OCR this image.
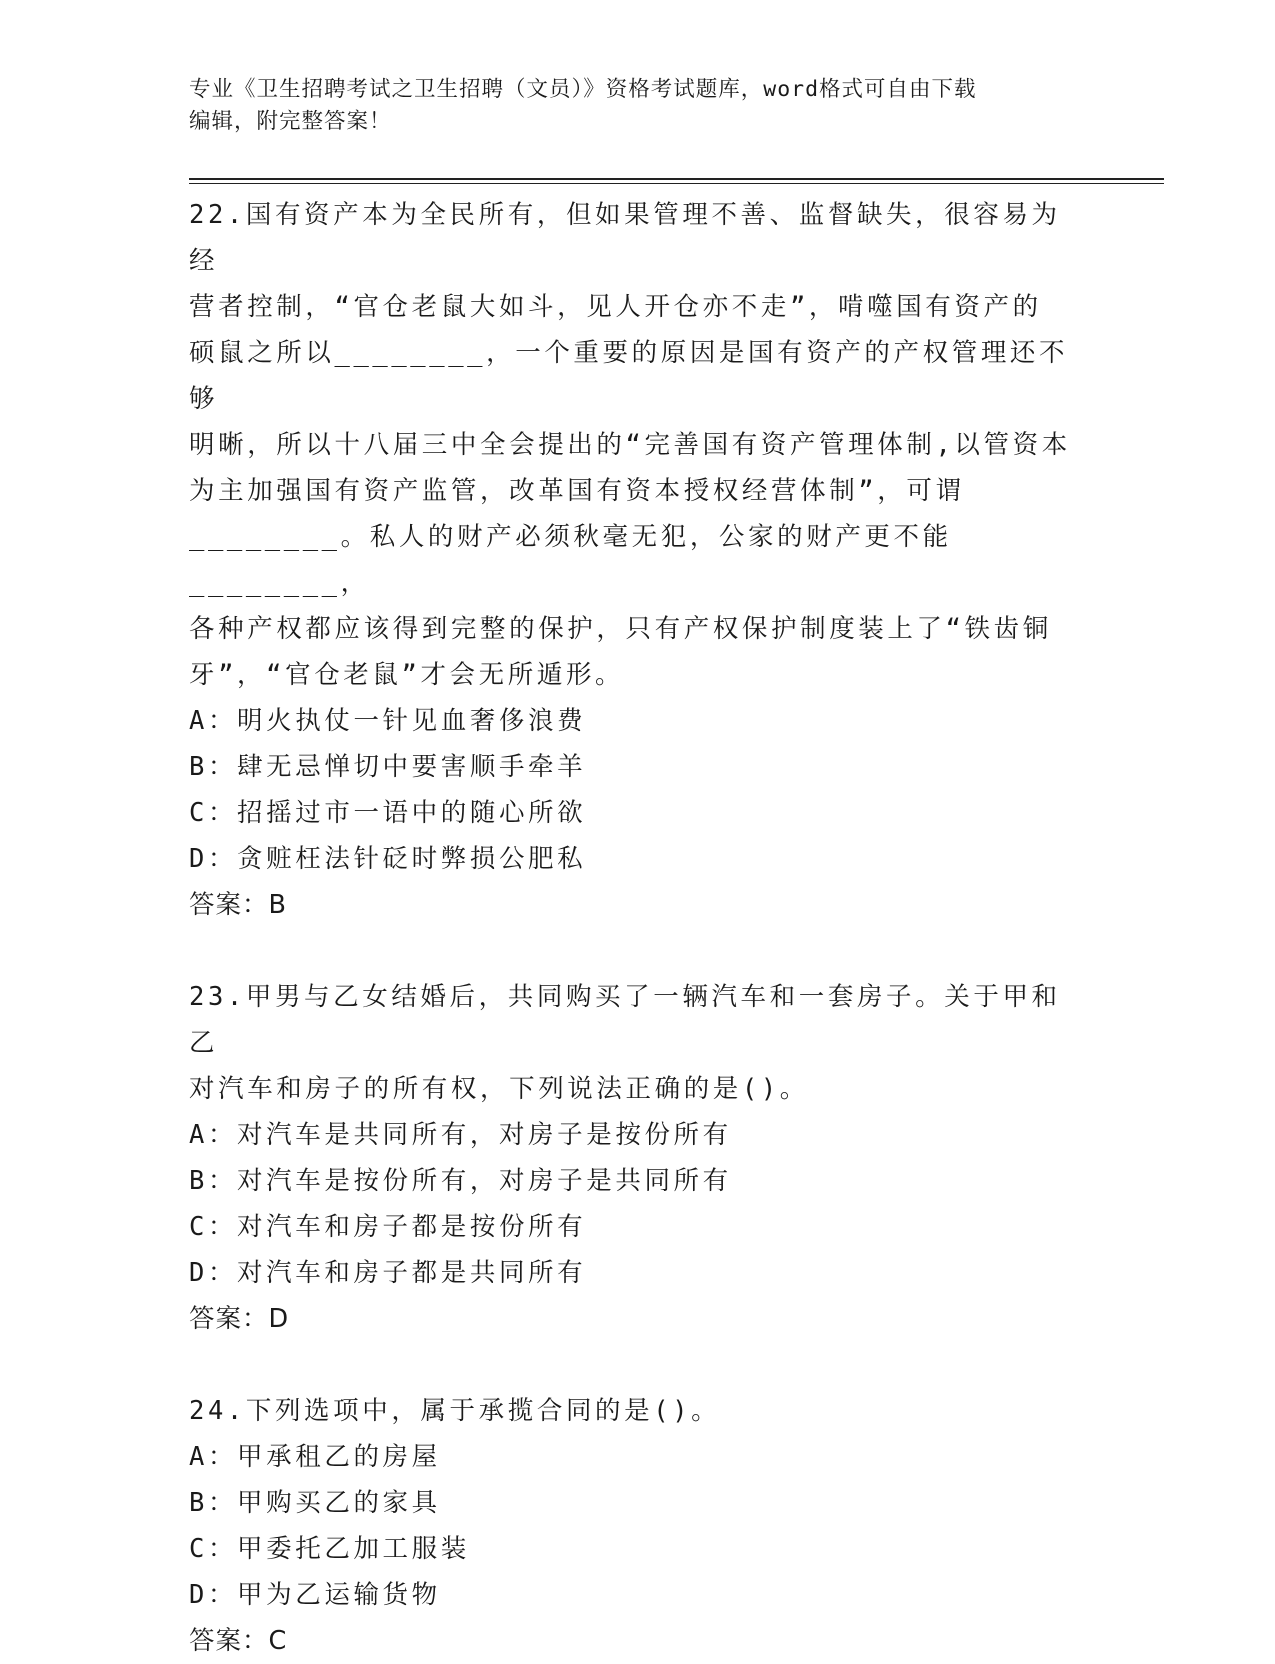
专业《卫生招聘考试之卫生招聘（文员）》资格考试题库，word格式可自由下载
编辑，附完整答案！
22.国有资产本为全民所有，但如果管理不善、监督缺失，很容易为经
营者控制，“官仓老鼠大如斗，见人开仓亦不走”，啃噬国有资产的
硕鼠之所以________，一个重要的原因是国有资产的产权管理还不够
明晰，所以十八届三中全会提出的“完善国有资产管理体制,以管资本
为主加强国有资产监管，改革国有资本授权经营体制”，可谓
________。私人的财产必须秋毫无犯，公家的财产更不能________，
各种产权都应该得到完整的保护，只有产权保护制度装上了“铁齿铜
牙”，“官仓老鼠”才会无所遁形。
A：明火执仗一针见血奢侈浪费
B：肆无忌惮切中要害顺手牵羊
C：招摇过市一语中的随心所欲
D：贪赃枉法针砭时弊损公肥私
答案：B
23.甲男与乙女结婚后，共同购买了一辆汽车和一套房子。关于甲和乙
对汽车和房子的所有权，下列说法正确的是()。
A：对汽车是共同所有，对房子是按份所有
B：对汽车是按份所有，对房子是共同所有
C：对汽车和房子都是按份所有
D：对汽车和房子都是共同所有
答案：D
24.下列选项中，属于承揽合同的是()。
A：甲承租乙的房屋
B：甲购买乙的家具
C：甲委托乙加工服装
D：甲为乙运输货物
答案：C
